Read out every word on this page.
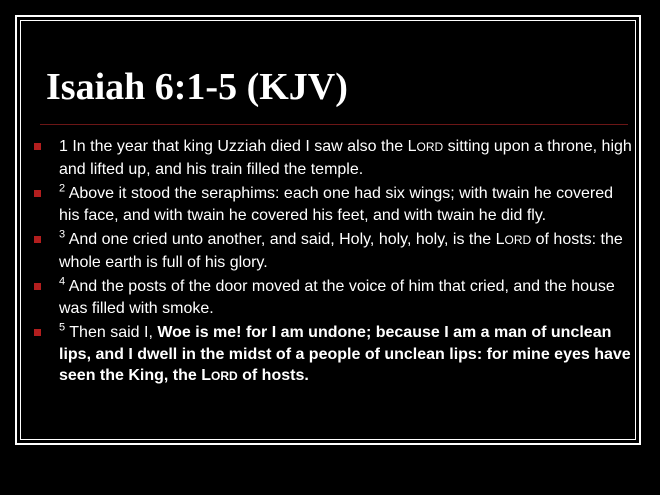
Isaiah 6:1-5 (KJV)
1 In the year that king Uzziah died I saw also the LORD sitting upon a throne, high and lifted up, and his train filled the temple.
$^2$ Above it stood the seraphims: each one had six wings; with twain he covered his face, and with twain he covered his feet, and with twain he did fly.
$^3$ And one cried unto another, and said, Holy, holy, holy, is the LORD of hosts: the whole earth is full of his glory.
$^4$ And the posts of the door moved at the voice of him that cried, and the house was filled with smoke.
$^5$ Then said I, Woe is me! for I am undone; because I am a man of unclean lips, and I dwell in the midst of a people of unclean lips: for mine eyes have seen the King, the LORD of hosts.
